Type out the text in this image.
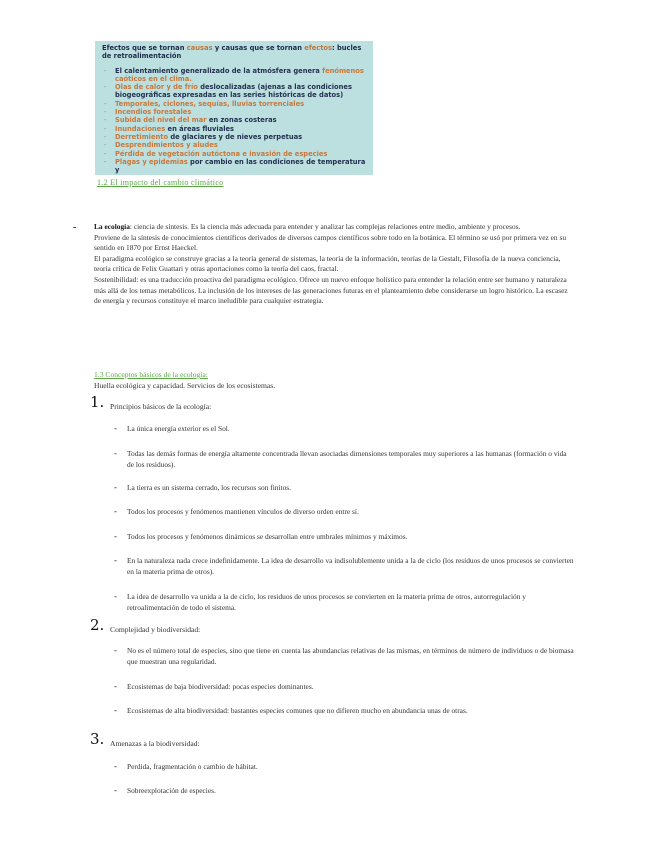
Efectos que se tornan causas y causas que se tornan efectos: bucles de retroalimentación
- El calentamiento generalizado de la atmósfera genera fenómenos caóticos en el clima.
- Olas de calor y de frío deslocalizadas (ajenas a las condiciones biogeográficas expresadas en las series históricas de datos)
- Temporales, ciclones, sequías, lluvias torrenciales
- Incendios forestales
- Subida del nivel del mar en zonas costeras
- Inundaciones en áreas fluviales
- Derretimiento de glaciares y de nieves perpetuas
- Desprendimientos y aludes
- Pérdida de vegetación autóctona e invasión de especies
- Plagas y epidemias por cambio en las condiciones de temperatura y
1.2 El impacto del cambio climático
- La ecología: ciencia de síntesis. Es la ciencia más adecuada para entender y analizar las complejas relaciones entre medio, ambiente y procesos.

Proviene de la síntesis de conocimientos científicos derivados de diversos campos científicos sobre todo en la botánica. El término se usó por primera vez en su sentido en 1870 por Ernst Haeckel.

El paradigma ecológico se construye gracias a la teoría general de sistemas, la teoría de la información, teorías de la Gestalt, Filosofía de la nueva conciencia, teoría crítica de Felix Guattari y otras aportaciones como la teoría del caos, fractal.

Sostenibilidad: es una traducción proactiva del paradigma ecológico. Ofrece un nuevo enfoque holístico para entender la relación entre ser humano y naturaleza más allá de los temas metabólicos. La inclusión de los intereses de las generaciones futuras en el planteamiento debe considerarse un logro histórico. La escasez de energía y recursos constituye el marco ineludible para cualquier estrategia.

1.3 Conceptos básicos de la ecología:
Huella ecológica y capacidad. Servicios de los ecosistemas.
1. Principios básicos de la ecología:
- La única energía exterior es el Sol.
- Todas las demás formas de energía altamente concentrada llevan asociadas dimensiones temporales muy superiores a las humanas (formación o vida de los residuos).
- La tierra es un sistema cerrado, los recursos son finitos.
- Todos los procesos y fenómenos mantienen vínculos de diverso orden entre sí.
- Todos los procesos y fenómenos dinámicos se desarrollan entre umbrales mínimos y máximos.
- En la naturaleza nada crece indefinidamente. La idea de desarrollo va indisolublemente unida a la de ciclo (los residuos de unos procesos se convierten en la materia prima de otros).
- La idea de desarrollo va unida a la de ciclo, los residuos de unos procesos se convierten en la materia prima de otros, autorregulación y retroalimentación de todo el sistema.
2. Complejidad y biodiversidad:
- No es el número total de especies, sino que tiene en cuenta las abundancias relativas de las mismas, en términos de número de individuos o de biomasa que muestran una regularidad.
- Ecosistemas de baja biodiversidad: pocas especies dominantes.
- Ecosistemas de alta biodiversidad: bastantes especies comunes que no difieren mucho en abundancia unas de otras.
3. Amenazas a la biodiversidad:
- Perdida, fragmentación o cambio de hábitat.
- Sobreexplotación de especies.
